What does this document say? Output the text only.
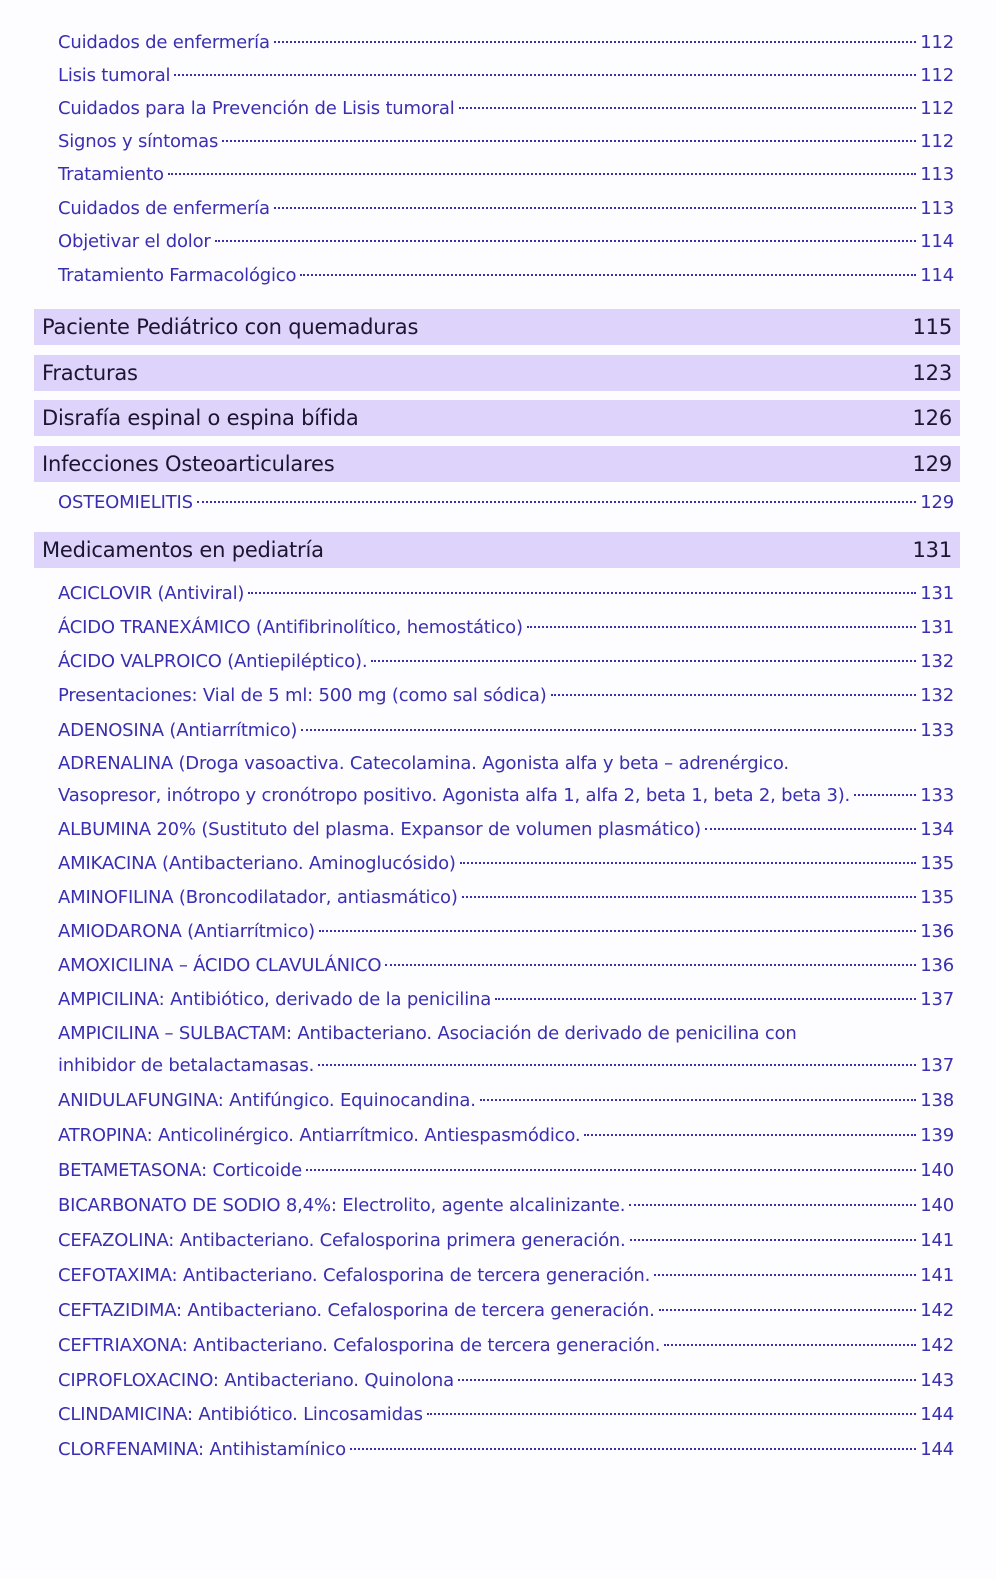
Cuidados de enfermería	112
Lisis tumoral	112
Cuidados para la Prevención de Lisis tumoral	112
Signos y síntomas	112
Tratamiento	113
Cuidados de enfermería	113
Objetivar el dolor	114
Tratamiento Farmacológico	114
Paciente Pediátrico con quemaduras	115
Fracturas	123
Disrafía espinal o espina bífida	126
Infecciones Osteoarticulares	129
OSTEOMIELITIS	129
Medicamentos en pediatría	131
ACICLOVIR (Antiviral)	131
ÁCIDO TRANEXÁMICO (Antifibrinolítico, hemostático)	131
ÁCIDO VALPROICO (Antiepiléptico).	132
Presentaciones: Vial de 5 ml: 500 mg (como sal sódica)	132
ADENOSINA (Antiarrítmico)	133
ADRENALINA (Droga vasoactiva. Catecolamina. Agonista alfa y beta – adrenérgico.
Vasopresor, inótropo y cronótropo positivo. Agonista alfa 1, alfa 2, beta 1, beta 2, beta 3).	133
ALBUMINA 20% (Sustituto del plasma. Expansor de volumen plasmático)	134
AMIKACINA (Antibacteriano. Aminoglucósido)	135
AMINOFILINA (Broncodilatador, antiasmático)	135
AMIODARONA (Antiarrítmico)	136
AMOXICILINA – ÁCIDO CLAVULÁNICO	136
AMPICILINA: Antibiótico, derivado de la penicilina	137
AMPICILINA – SULBACTAM: Antibacteriano. Asociación de derivado de penicilina con
inhibidor de betalactamasas.	137
ANIDULAFUNGINA: Antifúngico. Equinocandina.	138
ATROPINA: Anticolinérgico. Antiarrítmico. Antiespasmódico.	139
BETAMETASONA: Corticoide	140
BICARBONATO DE SODIO 8,4%: Electrolito, agente alcalinizante.	140
CEFAZOLINA: Antibacteriano. Cefalosporina primera generación.	141
CEFOTAXIMA: Antibacteriano. Cefalosporina de tercera generación.	141
CEFTAZIDIMA: Antibacteriano. Cefalosporina de tercera generación.	142
CEFTRIAXONA: Antibacteriano. Cefalosporina de tercera generación.	142
CIPROFLOXACINO: Antibacteriano. Quinolona	143
CLINDAMICINA: Antibiótico. Lincosamidas	144
CLORFENAMINA: Antihistamínico	144
